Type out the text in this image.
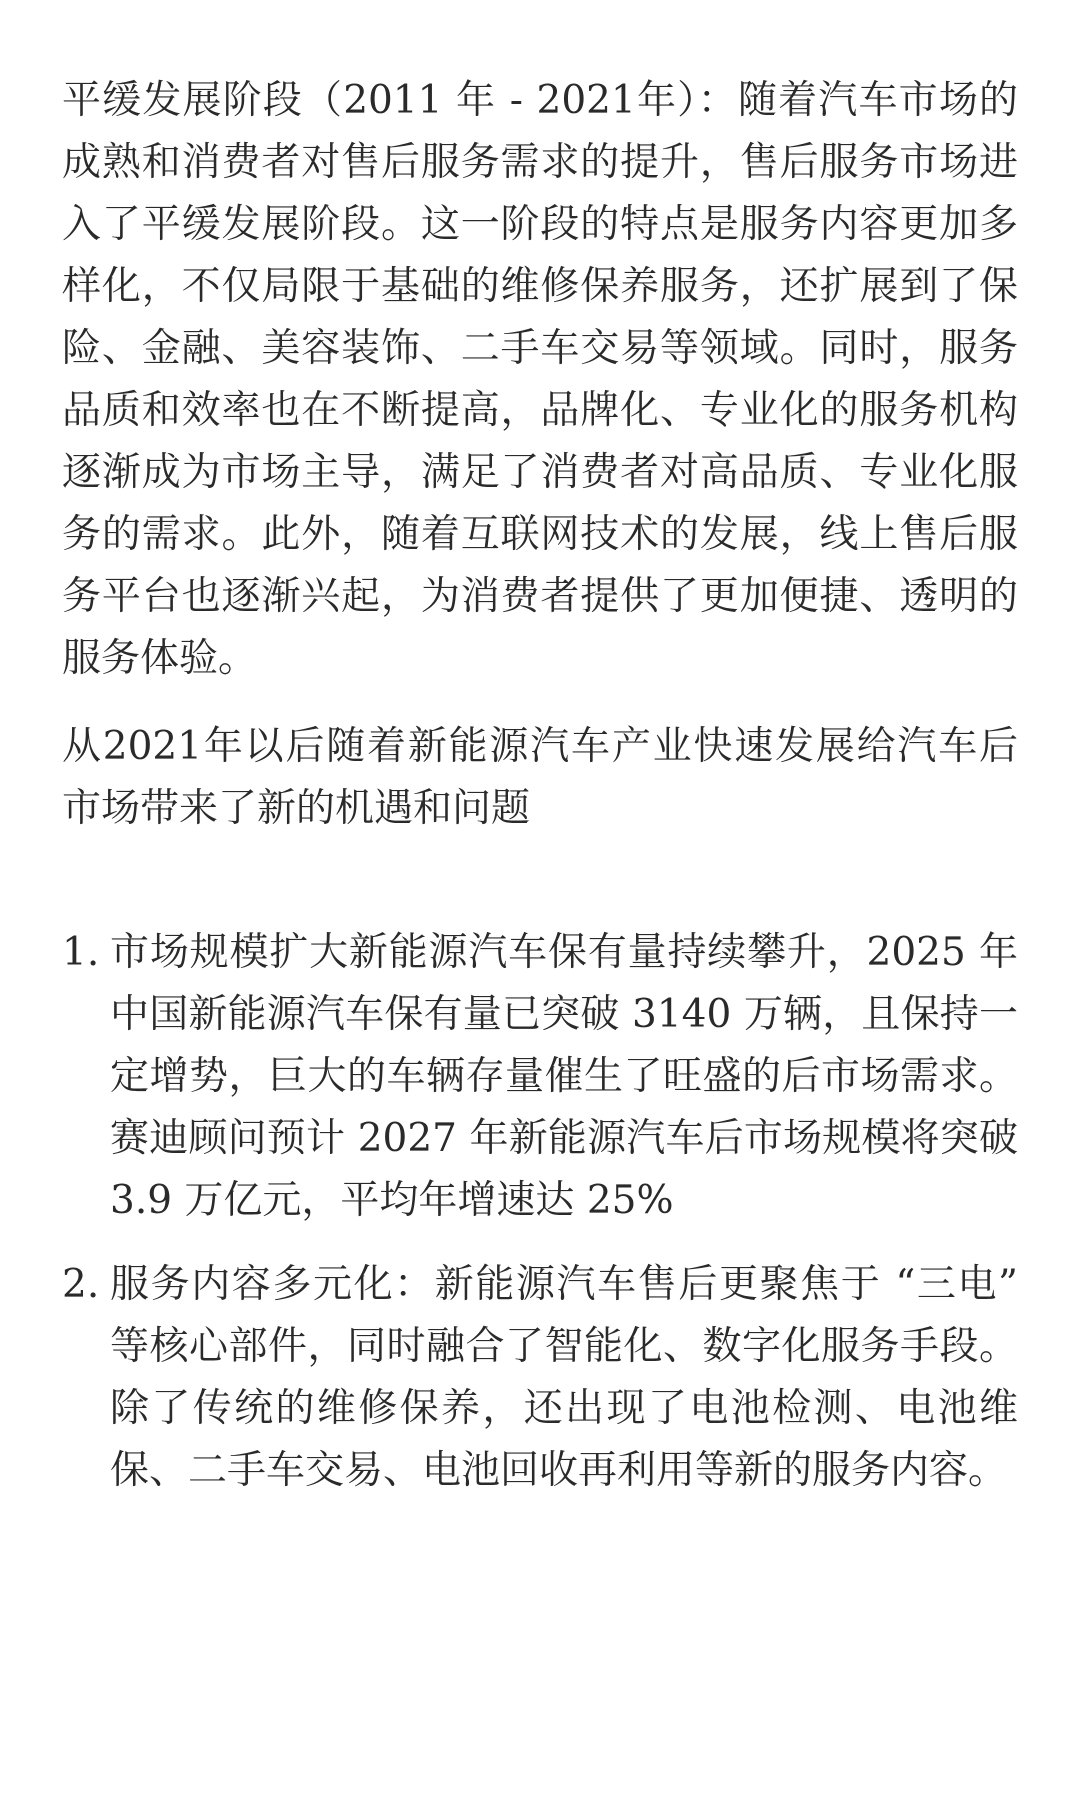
平缓发展阶段（2011 年 - 2021年）：随着汽车市场的成熟和消费者对售后服务需求的提升，售后服务市场进入了平缓发展阶段。这一阶段的特点是服务内容更加多样化，不仅局限于基础的维修保养服务，还扩展到了保险、金融、美容装饰、二手车交易等领域。同时，服务品质和效率也在不断提高，品牌化、专业化的服务机构逐渐成为市场主导，满足了消费者对高品质、专业化服务的需求。此外，随着互联网技术的发展，线上售后服务平台也逐渐兴起，为消费者提供了更加便捷、透明的服务体验。

从2021年以后随着新能源汽车产业快速发展给汽车后市场带来了新的机遇和问题

1. 市场规模扩大新能源汽车保有量持续攀升，2025 年中国新能源汽车保有量已突破 3140 万辆，且保持一定增势，巨大的车辆存量催生了旺盛的后市场需求。赛迪顾问预计 2027 年新能源汽车后市场规模将突破 3.9 万亿元，平均年增速达 25%
2. 服务内容多元化：新能源汽车售后更聚焦于 “三电” 等核心部件，同时融合了智能化、数字化服务手段。除了传统的维修保养，还出现了电池检测、电池维保、二手车交易、电池回收再利用等新的服务内容。
